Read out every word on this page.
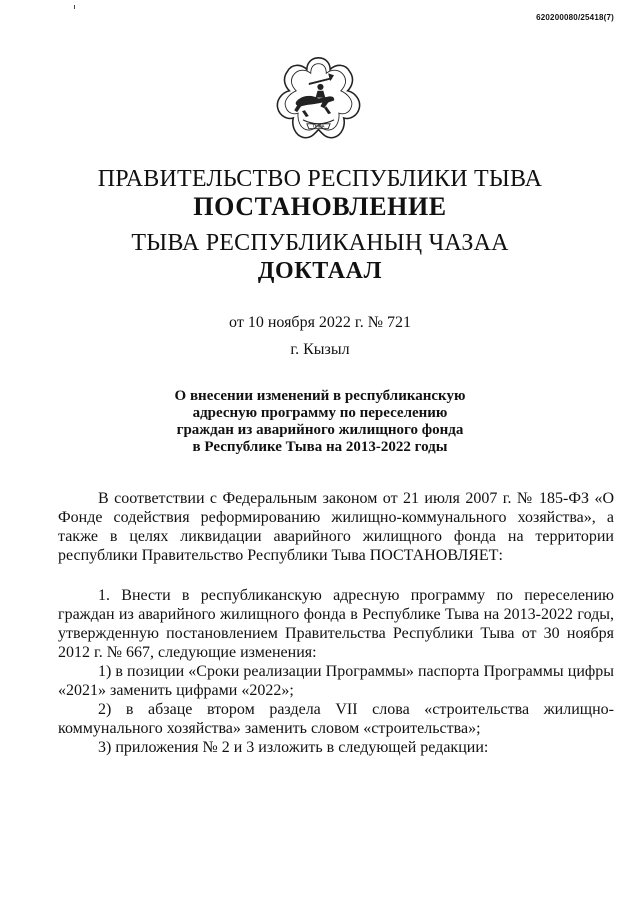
620200080/25418(7)
ТЫВА
ПРАВИТЕЛЬСТВО РЕСПУБЛИКИ ТЫВА
ПОСТАНОВЛЕНИЕ
ТЫВА РЕСПУБЛИКАНЫҢ ЧАЗАА
ДОКТААЛ
от 10 ноября 2022 г. № 721
г. Кызыл
О внесении изменений в республиканскую
адресную программу по переселению
граждан из аварийного жилищного фонда
в Республике Тыва на 2013-2022 годы

В соответствии с Федеральным законом от 21 июля 2007 г. № 185-ФЗ «О Фонде содействия реформированию жилищно-коммунального хозяйства», а также в целях ликвидации аварийного жилищного фонда на территории республики Правительство Республики Тыва ПОСТАНОВЛЯЕТ:

1. Внести в республиканскую адресную программу по переселению граждан из аварийного жилищного фонда в Республике Тыва на 2013-2022 годы, утвержденную постановлением Правительства Республики Тыва от 30 ноября 2012 г. № 667, следующие изменения:

1) в позиции «Сроки реализации Программы» паспорта Программы цифры «2021» заменить цифрами «2022»;

2) в абзаце втором раздела VII слова «строительства жилищно-коммунального хозяйства» заменить словом «строительства»;

3) приложения № 2 и 3 изложить в следующей редакции:
